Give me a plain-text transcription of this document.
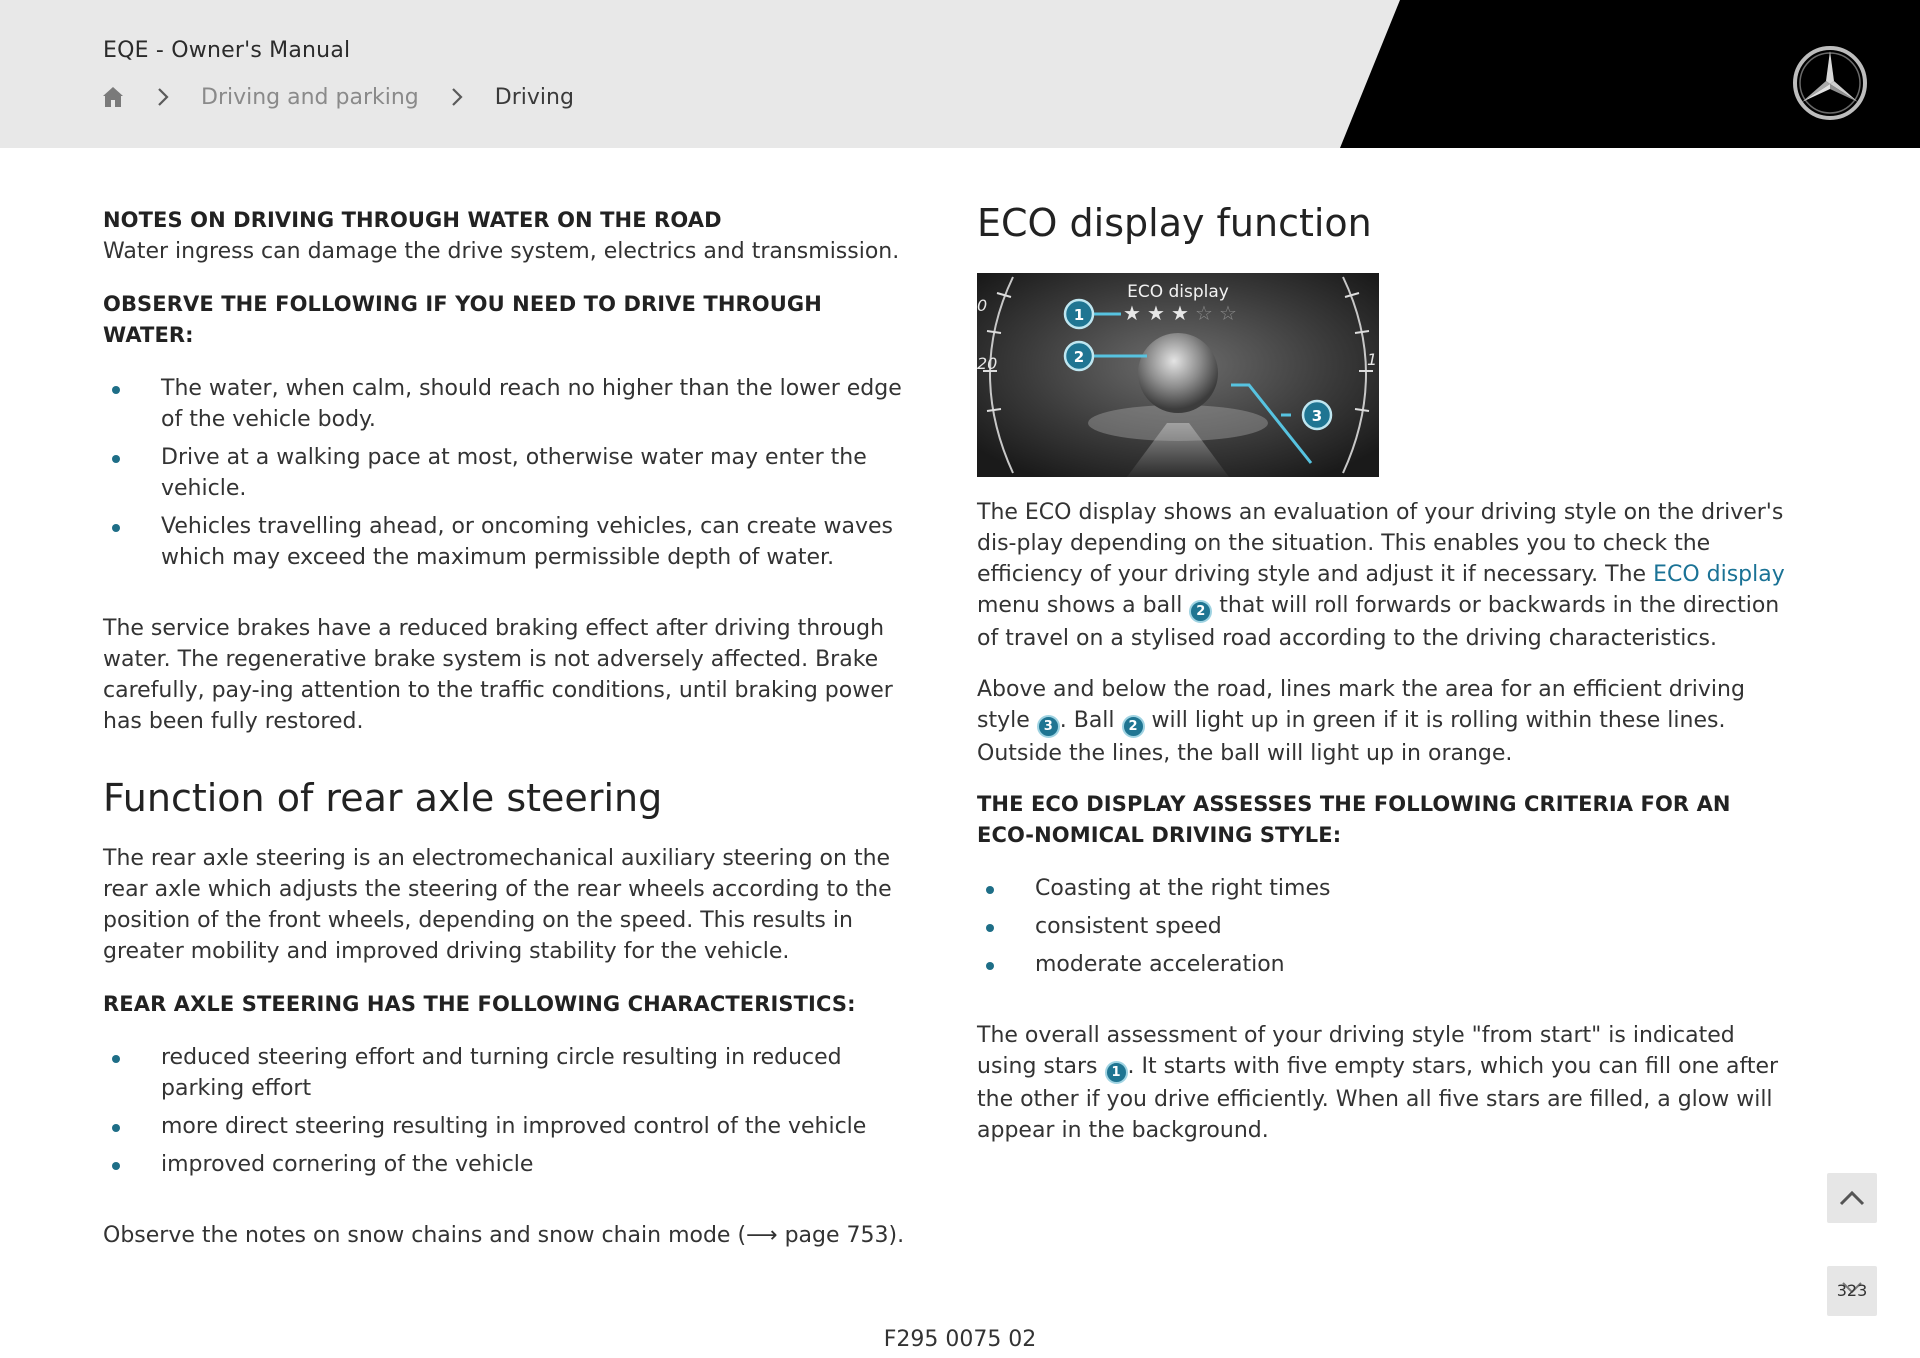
EQE - Owner's Manual
Driving and parking	Driving
NOTES ON DRIVING THROUGH WATER ON THE ROAD

Water ingress can damage the drive system, electrics and transmission.

OBSERVE THE FOLLOWING IF YOU NEED TO DRIVE THROUGH WATER:
The water, when calm, should reach no higher than the lower edge of the vehicle body.
Drive at a walking pace at most, otherwise water may enter the vehicle.
Vehicles travelling ahead, or oncoming vehicles, can create waves which may exceed the maximum permissible depth of water.

The service brakes have a reduced braking effect after driving through water. The regenerative brake system is not adversely affected. Brake carefully, pay-ing attention to the traffic conditions, until braking power has been fully restored.

Function of rear axle steering

The rear axle steering is an electromechanical auxiliary steering on the rear axle which adjusts the steering of the rear wheels according to the position of the front wheels, depending on the speed. This results in greater mobility and improved driving stability for the vehicle.

REAR AXLE STEERING HAS THE FOLLOWING CHARACTERISTICS:
reduced steering effort and turning circle resulting in reduced parking effort
more direct steering resulting in improved control of the vehicle
improved cornering of the vehicle

Observe the notes on snow chains and snow chain mode (⟶ page 753).

ECO display function
0
20	1
ECO display
★ ★ ★ ☆ ☆
1
2
3

The ECO display shows an evaluation of your driving style on the driver's dis-play depending on the situation. This enables you to check the efficiency of your driving style and adjust it if necessary. The ECO display menu shows a ball 2 that will roll forwards or backwards in the direction of travel on a stylised road according to the driving characteristics.

Above and below the road, lines mark the area for an efficient driving style 3 . Ball 2 will light up in green if it is rolling within these lines. Outside the lines, the ball will light up in orange.

THE ECO DISPLAY ASSESSES THE FOLLOWING CRITERIA FOR AN ECO-NOMICAL DRIVING STYLE:
Coasting at the right times
consistent speed
moderate acceleration

The overall assessment of your driving style "from start" is indicated using stars 1 . It starts with five empty stars, which you can fill one after the other if you drive efficiently. When all five stars are filled, a glow will appear in the background.

323
F295 0075 02
